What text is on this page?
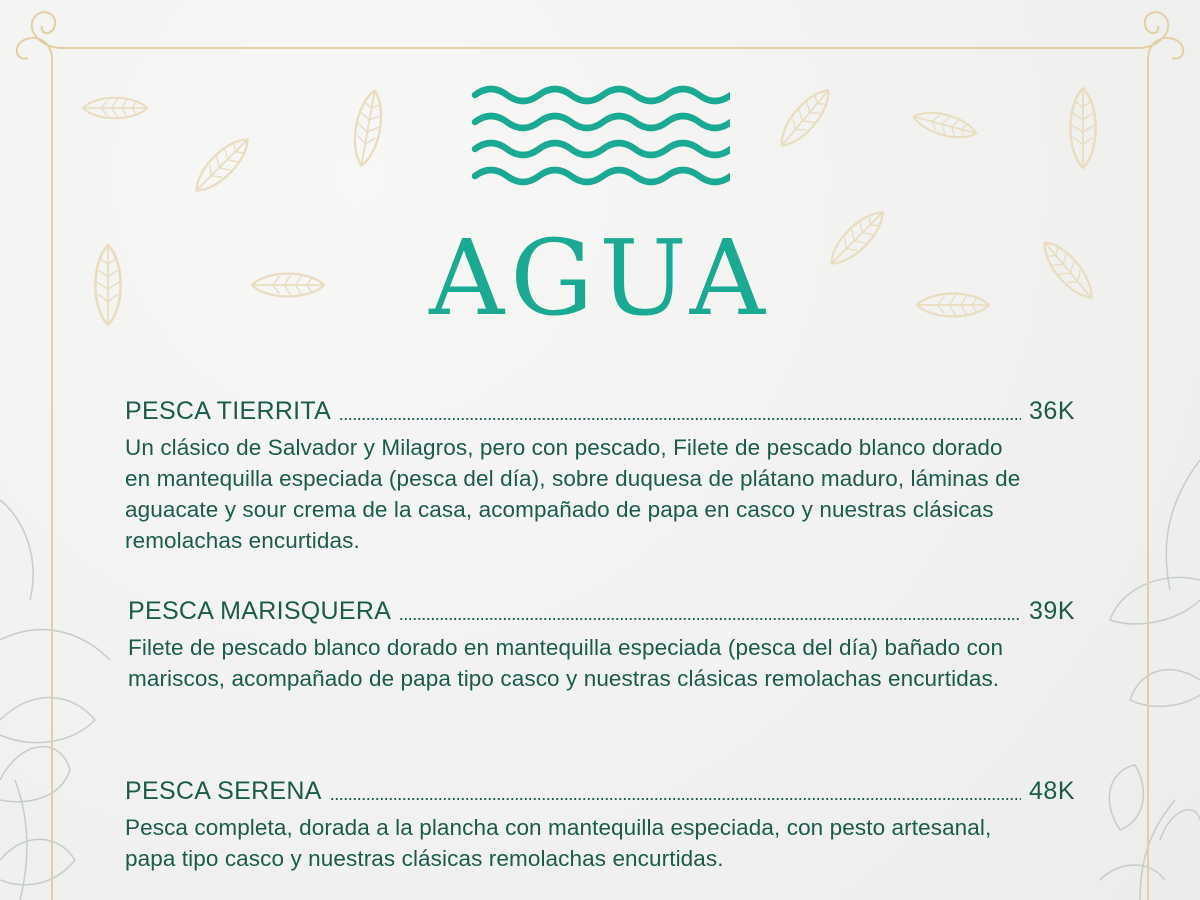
AGUA
PESCA TIERRITA	36K

Un clásico de Salvador y Milagros, pero con pescado, Filete de pescado blanco dorado en mantequilla especiada (pesca del día), sobre duquesa de plátano maduro, láminas de aguacate y sour crema de la casa, acompañado de papa en casco y nuestras clásicas remolachas encurtidas.

PESCA MARISQUERA	39K

Filete de pescado blanco dorado en mantequilla especiada (pesca del día) bañado con mariscos, acompañado de papa tipo casco y nuestras clásicas remolachas encurtidas.

PESCA SERENA	48K

Pesca completa, dorada a la plancha con mantequilla especiada, con pesto artesanal, papa tipo casco y nuestras clásicas remolachas encurtidas.
